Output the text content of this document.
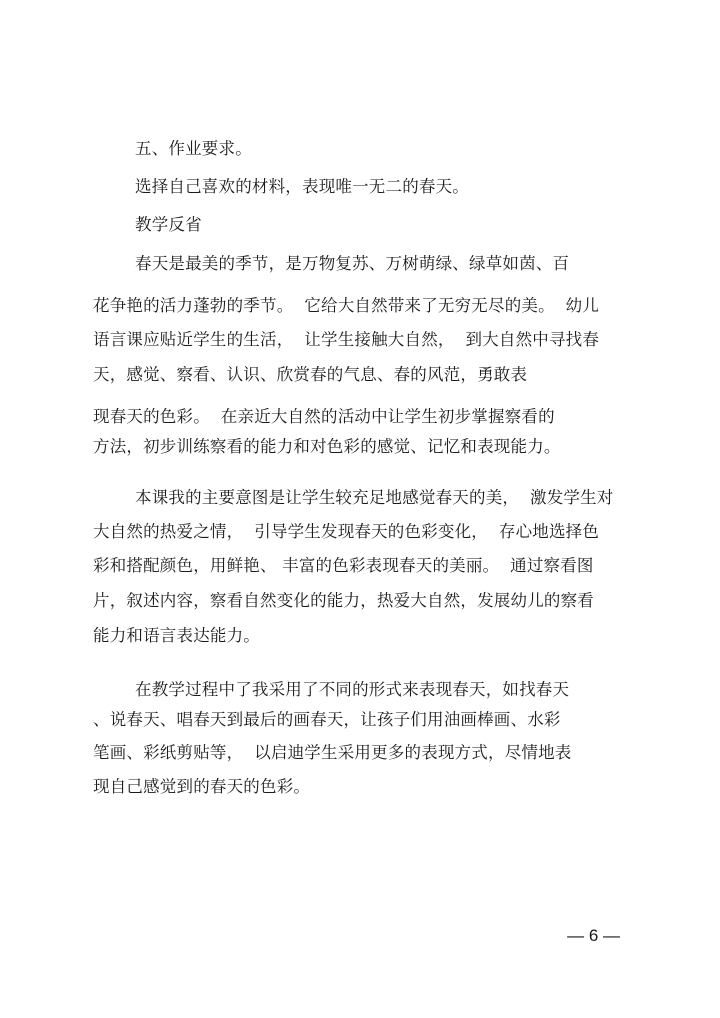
五、作业要求。
选择自己喜欢的材料，表现唯一无二的春天。
教学反省
春天是最美的季节，是万物复苏、万树萌绿、绿草如茵、百
花争艳的活力蓬勃的季节。  它给大自然带来了无穷无尽的美。  幼儿
语言课应贴近学生的生活，  让学生接触大自然，  到大自然中寻找春
天，感觉、察看、认识、欣赏春的气息、春的风范，勇敢表
现春天的色彩。  在亲近大自然的活动中让学生初步掌握察看的
方法，初步训练察看的能力和对色彩的感觉、记忆和表现能力。
本课我的主要意图是让学生较充足地感觉春天的美，  激发学生对
大自然的热爱之情，  引导学生发现春天的色彩变化，  存心地选择色
彩和搭配颜色，用鲜艳、 丰富的色彩表现春天的美丽。  通过察看图
片，叙述内容，察看自然变化的能力，热爱大自然，发展幼儿的察看
能力和语言表达能力。
在教学过程中了我采用了不同的形式来表现春天，如找春天
、说春天、唱春天到最后的画春天，让孩子们用油画棒画、水彩
笔画、彩纸剪贴等，  以启迪学生采用更多的表现方式，尽情地表
现自己感觉到的春天的色彩。
— 6 —
